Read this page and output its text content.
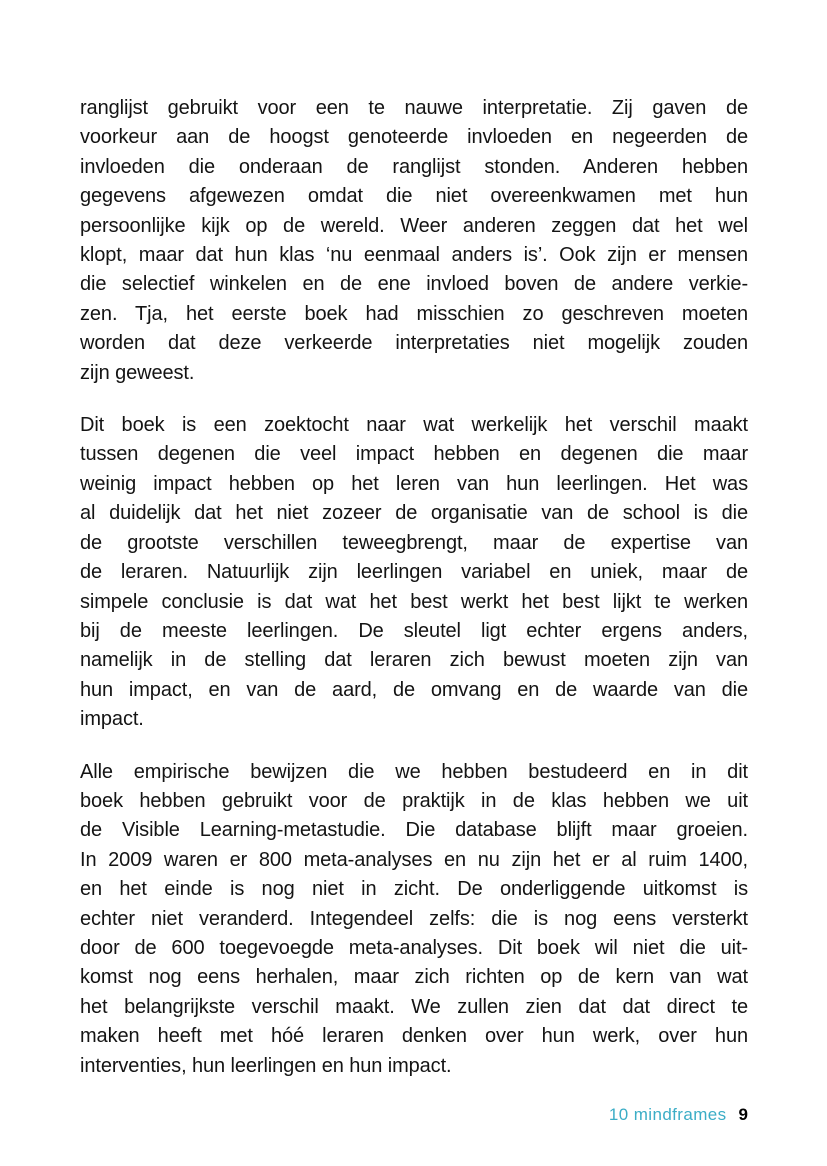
ranglijst gebruikt voor een te nauwe interpretatie. Zij gaven de
voorkeur aan de hoogst genoteerde invloeden en negeerden de
invloeden die onderaan de ranglijst stonden. Anderen hebben
gegevens afgewezen omdat die niet overeenkwamen met hun
persoonlijke kijk op de wereld. Weer anderen zeggen dat het wel
klopt, maar dat hun klas ‘nu eenmaal anders is’. Ook zijn er mensen
die selectief winkelen en de ene invloed boven de andere verkie-
zen. Tja, het eerste boek had misschien zo geschreven moeten
worden dat deze verkeerde interpretaties niet mogelijk zouden
zijn geweest.

Dit boek is een zoektocht naar wat werkelijk het verschil maakt
tussen degenen die veel impact hebben en degenen die maar
weinig impact hebben op het leren van hun leerlingen. Het was
al duidelijk dat het niet zozeer de organisatie van de school is die
de grootste verschillen teweegbrengt, maar de expertise van
de leraren. Natuurlijk zijn leerlingen variabel en uniek, maar de
simpele conclusie is dat wat het best werkt het best lijkt te werken
bij de meeste leerlingen. De sleutel ligt echter ergens anders,
namelijk in de stelling dat leraren zich bewust moeten zijn van
hun impact, en van de aard, de omvang en de waarde van die
impact.

Alle empirische bewijzen die we hebben bestudeerd en in dit
boek hebben gebruikt voor de praktijk in de klas hebben we uit
de Visible Learning-metastudie. Die database blijft maar groeien.
In 2009 waren er 800 meta-analyses en nu zijn het er al ruim 1400,
en het einde is nog niet in zicht. De onderliggende uitkomst is
echter niet veranderd. Integendeel zelfs: die is nog eens versterkt
door de 600 toegevoegde meta-analyses. Dit boek wil niet die uit-
komst nog eens herhalen, maar zich richten op de kern van wat
het belangrijkste verschil maakt. We zullen zien dat dat direct te
maken heeft met hóé leraren denken over hun werk, over hun
interventies, hun leerlingen en hun impact.

10 mindframes 9
